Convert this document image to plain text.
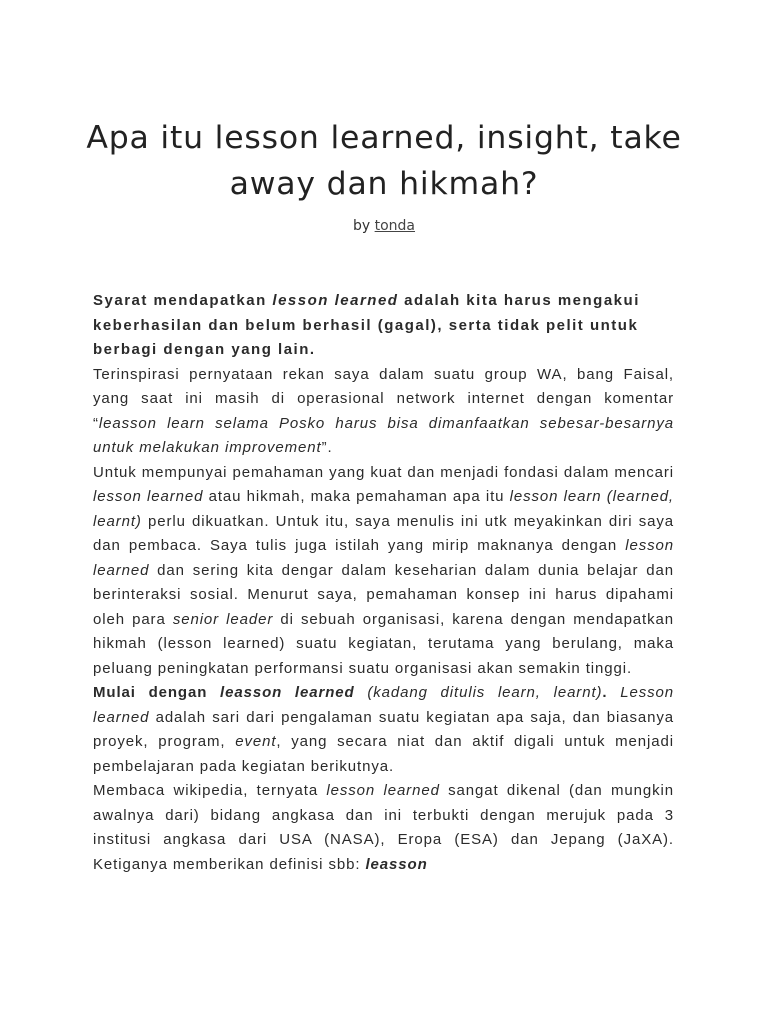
Apa itu lesson learned, insight, take away dan hikmah?
by tonda

Syarat mendapatkan lesson learned adalah kita harus mengakui keberhasilan dan belum berhasil (gagal), serta tidak pelit untuk berbagi dengan yang lain.

Terinspirasi pernyataan rekan saya dalam suatu group WA, bang Faisal, yang saat ini masih di operasional network internet dengan komentar “leasson learn selama Posko harus bisa dimanfaatkan sebesar-besarnya untuk melakukan improvement”.

Untuk mempunyai pemahaman yang kuat dan menjadi fondasi dalam mencari lesson learned atau hikmah, maka pemahaman apa itu lesson learn (learned, learnt) perlu dikuatkan. Untuk itu, saya menulis ini utk meyakinkan diri saya dan pembaca. Saya tulis juga istilah yang mirip maknanya dengan lesson learned dan sering kita dengar dalam keseharian dalam dunia belajar dan berinteraksi sosial. Menurut saya, pemahaman konsep ini harus dipahami oleh para senior leader di sebuah organisasi, karena dengan mendapatkan hikmah (lesson learned) suatu kegiatan, terutama yang berulang, maka peluang peningkatan performansi suatu organisasi akan semakin tinggi.

Mulai dengan leasson learned (kadang ditulis learn, learnt). Lesson learned adalah sari dari pengalaman suatu kegiatan apa saja, dan biasanya proyek, program, event, yang secara niat dan aktif digali untuk menjadi pembelajaran pada kegiatan berikutnya.

Membaca wikipedia, ternyata lesson learned sangat dikenal (dan mungkin awalnya dari) bidang angkasa dan ini terbukti dengan merujuk pada 3 institusi angkasa dari USA (NASA), Eropa (ESA) dan Jepang (JaXA). Ketiganya memberikan definisi sbb: leasson
